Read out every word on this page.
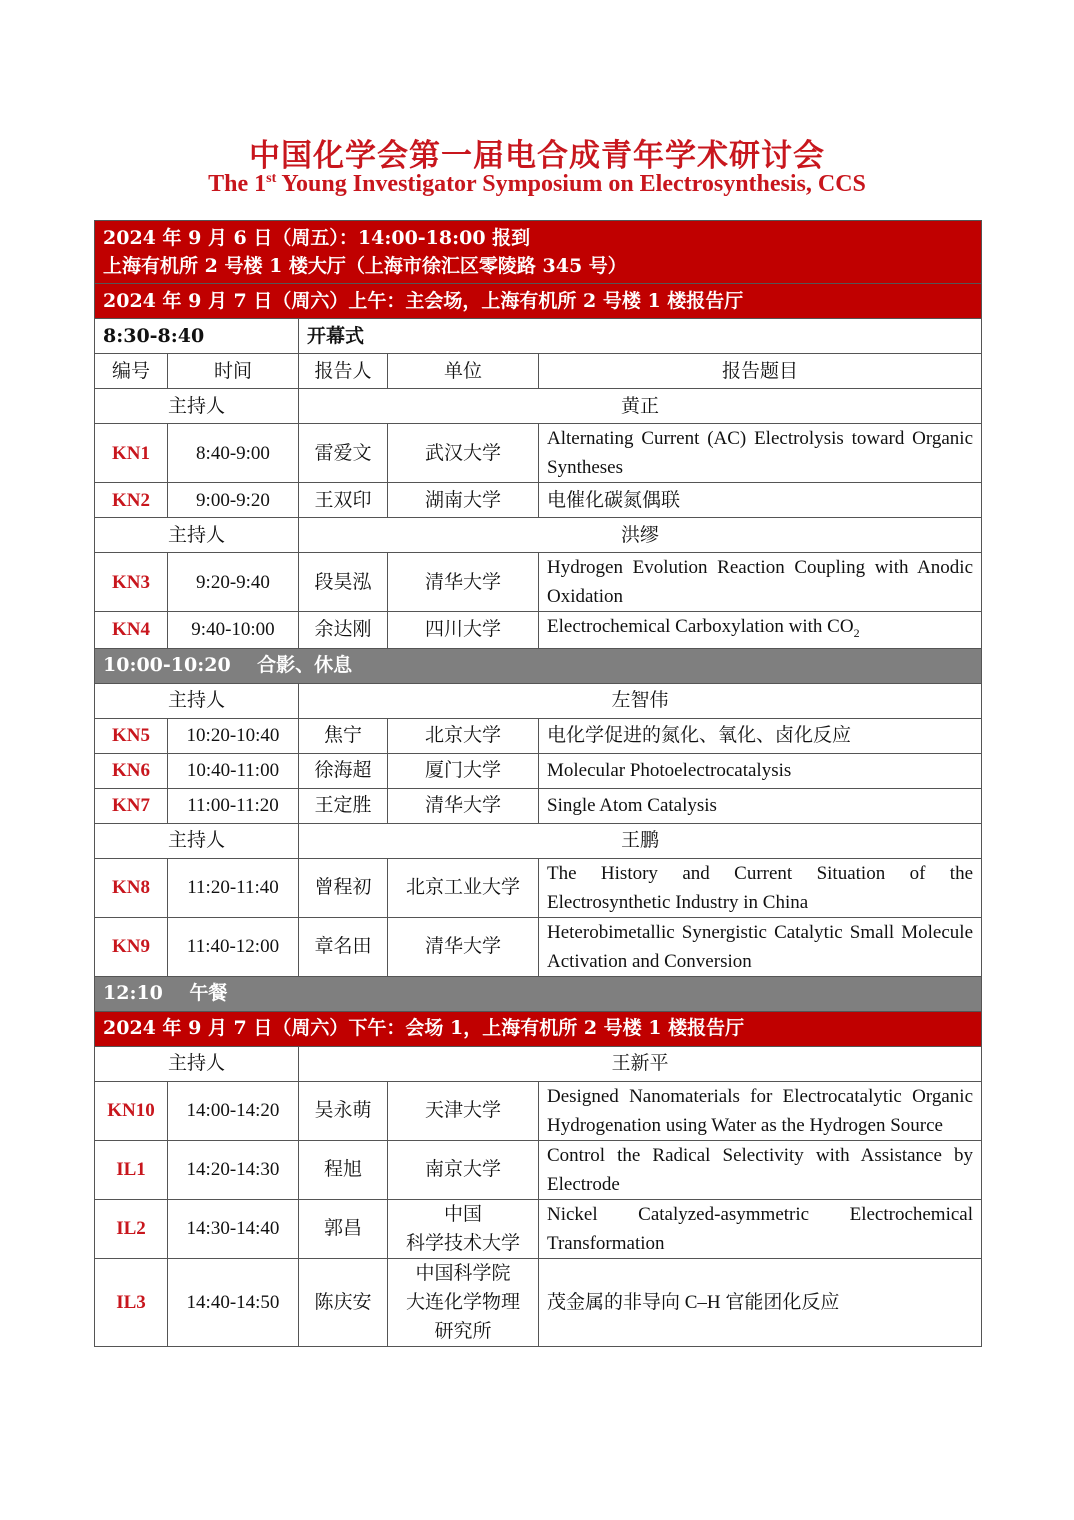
中国化学会第一届电合成青年学术研讨会
The 1st Young Investigator Symposium on Electrosynthesis, CCS
2024 年 9 月 6 日（周五）：14:00-18:00 报到
上海有机所 2 号楼 1 楼大厅（上海市徐汇区零陵路 345 号）				

2024 年 9 月 7 日（周六）上午：主会场，上海有机所 2 号楼 1 楼报告厅				
8:30-8:40		开幕式		
编号	时间	报告人	单位	报告题目
主持人		黄正		
KN1	8:40-9:00	雷爱文	武汉大学	Alternating Current (AC) Electrolysis toward Organic Syntheses
KN2	9:00-9:20	王双印	湖南大学	电催化碳氮偶联
主持人		洪缪		
KN3	9:20-9:40	段昊泓	清华大学	Hydrogen Evolution Reaction Coupling with Anodic Oxidation
KN4	9:40-10:00	余达刚	四川大学	Electrochemical Carboxylation with $CO_2$
10:00-10:20    合影、休息				
主持人		左智伟		
KN5	10:20-10:40	焦宁	北京大学	电化学促进的氮化、氧化、卤化反应
KN6	10:40-11:00	徐海超	厦门大学	Molecular Photoelectrocatalysis
KN7	11:00-11:20	王定胜	清华大学	Single Atom Catalysis
主持人		王鹏		
KN8	11:20-11:40	曾程初	北京工业大学	The History and Current Situation of the Electrosynthetic Industry in China
KN9	11:40-12:00	章名田	清华大学	Heterobimetallic Synergistic Catalytic Small Molecule Activation and Conversion
12:10    午餐				
2024 年 9 月 7 日（周六）下午：会场 1，上海有机所 2 号楼 1 楼报告厅				
主持人		王新平		
KN10	14:00-14:20	吴永萌	天津大学	Designed Nanomaterials for Electrocatalytic Organic Hydrogenation using Water as the Hydrogen Source
IL1	14:20-14:30	程旭	南京大学	Control the Radical Selectivity with Assistance by Electrode
IL2	14:30-14:40	郭昌	中国
科学技术大学	Nickel Catalyzed-asymmetric Electrochemical Transformation
IL3	14:40-14:50	陈庆安	中国科学院
大连化学物理
研究所	茂金属的非导向 C–H 官能团化反应
